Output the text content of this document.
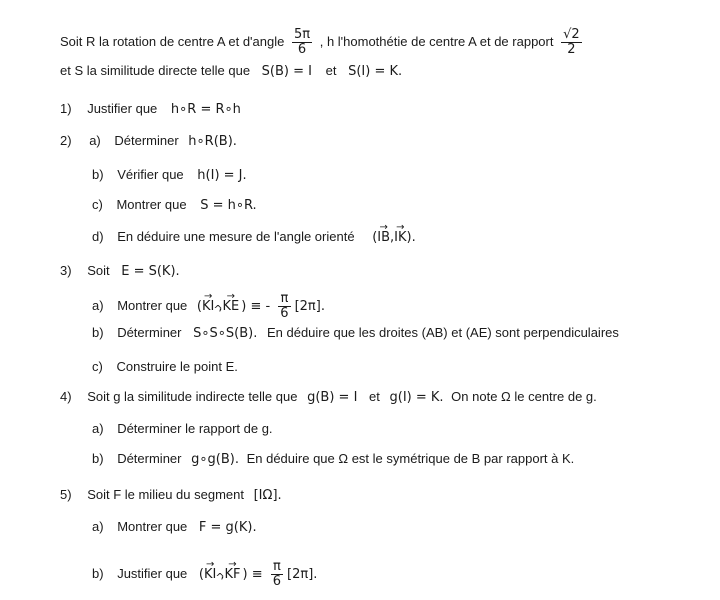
Soit R la rotation de centre A et d'angle $\frac{5\pi}{6}$ , h l'homothétie de centre A et de rapport $\frac{√2}{2}$
et S la similitude directe telle que S(B) = I et S(I) = K.
1) Justifier que h∘R = R∘h
2) a) Déterminer h∘R(B).
b) Vérifier que h(I) = J.
c) Montrer que S = h∘R.
d) En déduire une mesure de l'angle orienté (→ IB,→ IK).
3) Soit E = S(K).
a) Montrer que (→ KI ,→ KE ) ≡ - $\frac{\pi}{6} [2\pi]$.
b) Déterminer S∘S∘S(B). En déduire que les droites (AB) et (AE) sont perpendiculaires
c) Construire le point E.
4) Soit g la similitude indirecte telle que g(B) = I et g(I) = K. On note Ω le centre de g.
a) Déterminer le rapport de g.
b) Déterminer g∘g(B). En déduire que Ω est le symétrique de B par rapport à K.
5) Soit F le milieu du segment [IΩ].
a) Montrer que F = g(K).
b) Justifier que (→ KI ,→ KF ) ≡ $\frac{\pi}{6} [2\pi]$.
